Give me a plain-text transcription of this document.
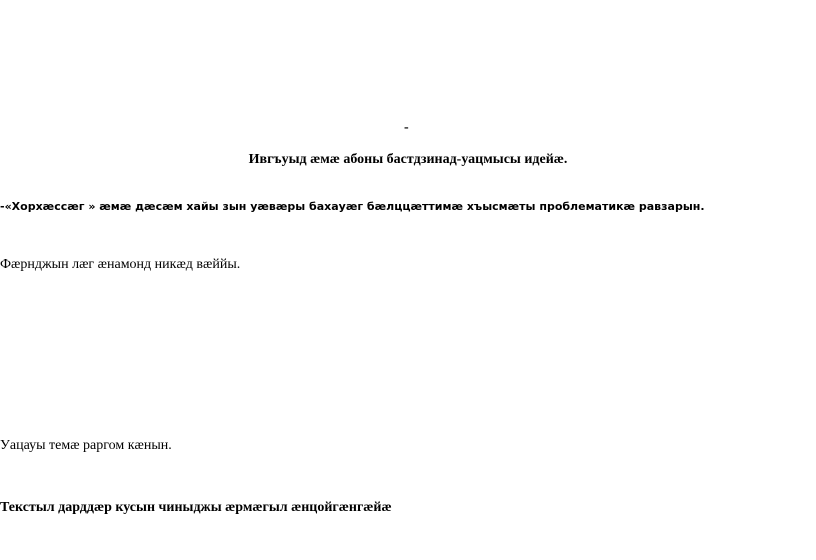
-
Ивгъуыд æмæ абоны бастдзинад-уацмысы идейæ.
-«Хорхæссæг » æмæ дæсæм хайы зын уæвæры бахауæг бæлццæттимæ хъысмæты проблематикæ равзарын.
Фæрнджын лæг æнамонд никæд вæййы.
Уацауы темæ раргом кæнын.
Текстыл дарддæр кусын чиныджы æрмæгыл æнцойгæнгæйæ
